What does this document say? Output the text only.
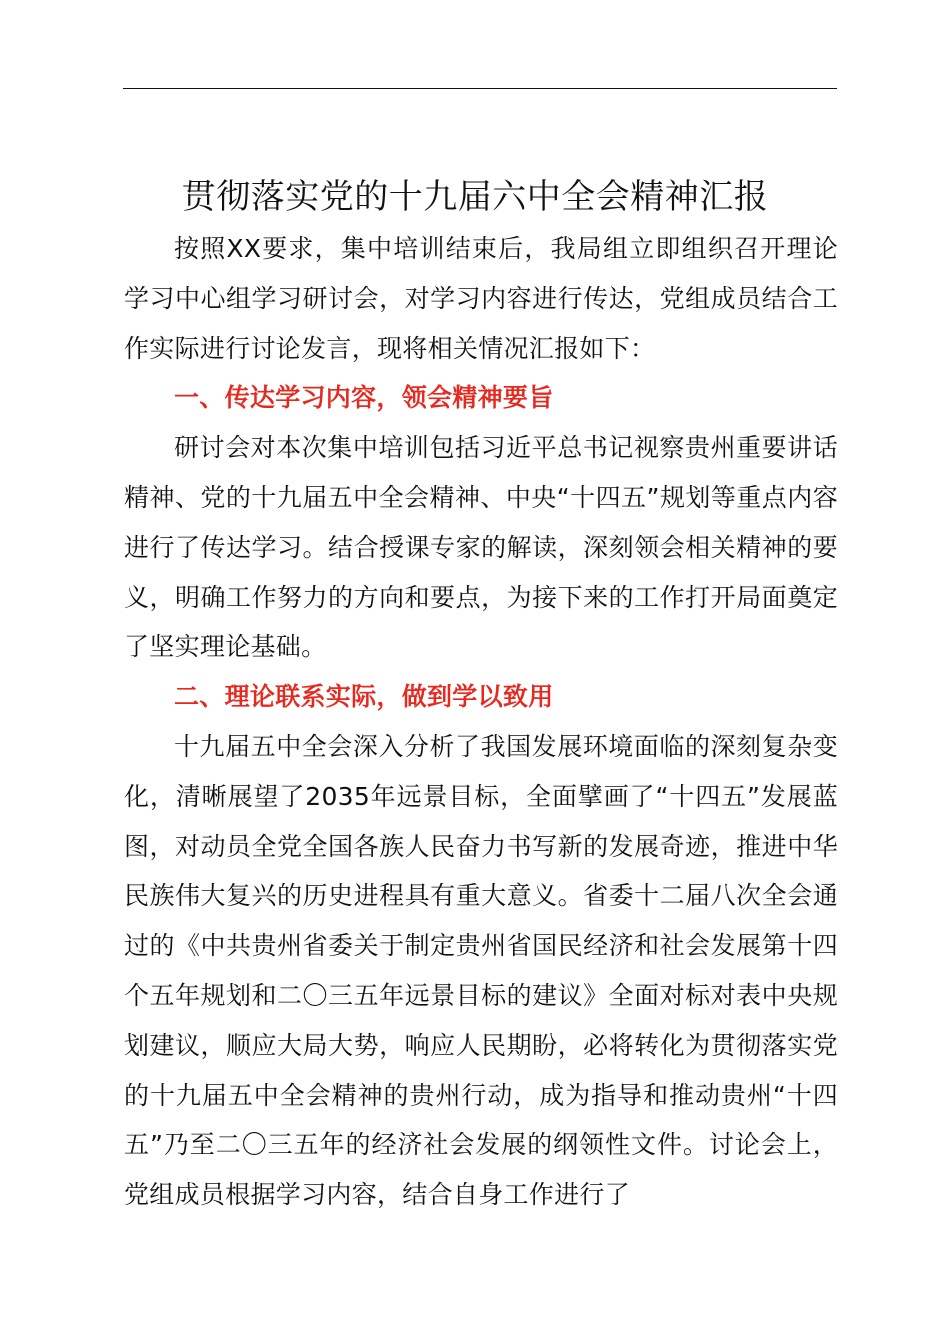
贯彻落实党的十九届六中全会精神汇报

按照XX要求，集中培训结束后，我局组立即组织召开理论学习中心组学习研讨会，对学习内容进行传达，党组成员结合工作实际进行讨论发言，现将相关情况汇报如下：

一、传达学习内容，领会精神要旨

研讨会对本次集中培训包括习近平总书记视察贵州重要讲话精神、党的十九届五中全会精神、中央“十四五”规划等重点内容进行了传达学习。结合授课专家的解读，深刻领会相关精神的要义，明确工作努力的方向和要点，为接下来的工作打开局面奠定了坚实理论基础。

二、理论联系实际，做到学以致用

十九届五中全会深入分析了我国发展环境面临的深刻复杂变化，清晰展望了2035年远景目标，全面擘画了“十四五”发展蓝图，对动员全党全国各族人民奋力书写新的发展奇迹，推进中华民族伟大复兴的历史进程具有重大意义。省委十二届八次全会通过的《中共贵州省委关于制定贵州省国民经济和社会发展第十四个五年规划和二〇三五年远景目标的建议》全面对标对表中央规划建议，顺应大局大势，响应人民期盼，必将转化为贯彻落实党的十九届五中全会精神的贵州行动，成为指导和推动贵州“十四五”乃至二〇三五年的经济社会发展的纲领性文件。讨论会上，党组成员根据学习内容，结合自身工作进行了
